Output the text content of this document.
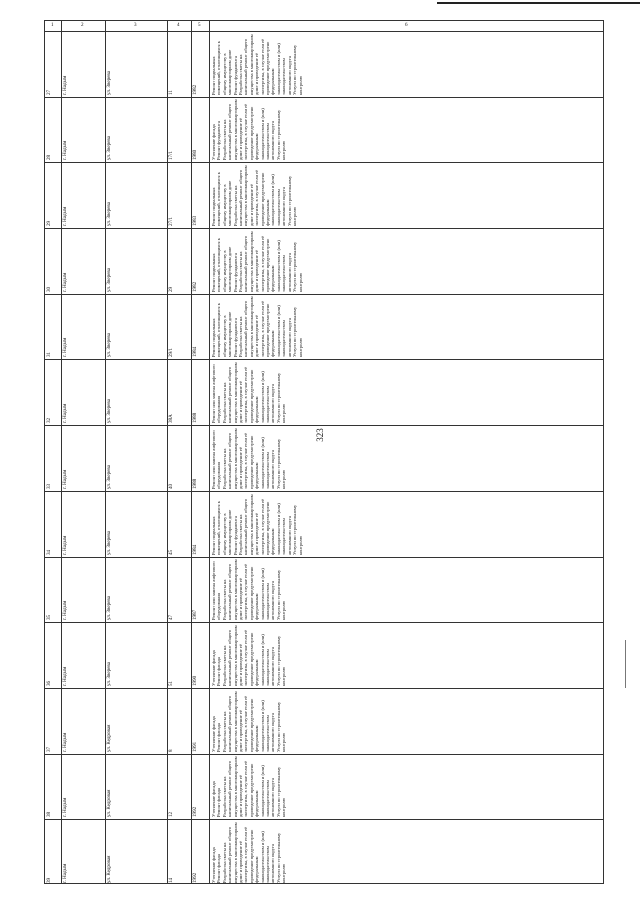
323
1	2	3	4	5	6
27 г. Надым	ул. Зверева	11	1982	Ремонт подвальных помещений, относящихся к общему имуществу в многоквартирном доме Ремонт фундамента Разработка сметы на капитальный ремонт общего имущества в многоквартирном доме и проведение её экспертизы, в случае если её проведение предусмотрено федеральным законодательством и (или) законодательством автономного округа Услуги по строительному контролю
28 г. Надым	ул. Зверева	17/1	1980	Утепление фасада Ремонт фундамента Разработка сметы на капитальный ремонт общего имущества в многоквартирном доме и проведение её экспертизы, в случае если её проведение предусмотрено федеральным законодательством и (или) законодательством автономного округа Услуги по строительному контролю
29 г. Надым	ул. Зверева	27/1	1983	Ремонт подвальных помещений, относящихся к общему имуществу в многоквартирном доме Разработка сметы на капитальный ремонт общего имущества в многоквартирном доме и проведение её экспертизы, в случае если её проведение предусмотрено федеральным законодательством и (или) законодательством автономного округа Услуги по строительному контролю
30 г. Надым	ул. Зверева	29	1982	Ремонт подвальных помещений, относящихся к общему имуществу в многоквартирном доме Ремонт фундамента Разработка сметы на капитальный ремонт общего имущества в многоквартирном доме и проведение её экспертизы, в случае если её проведение предусмотрено федеральным законодательством и (или) законодательством автономного округа Услуги по строительному контролю
31 г. Надым	ул. Зверева	29/1	1984	Ремонт подвальных помещений, относящихся к общему имуществу в многоквартирном доме Ремонт фундамента Разработка сметы на капитальный ремонт общего имущества в многоквартирном доме и проведение её экспертизы, в случае если её проведение предусмотрено федеральным законодательством и (или) законодательством автономного округа Услуги по строительному контролю
32 г. Надым	ул. Зверева	38А	1988	Ремонт или замена лифтового оборудования Разработка сметы на капитальный ремонт общего имущества в многоквартирном доме и проведение её экспертизы, в случае если её проведение предусмотрено федеральным законодательством и (или) законодательством автономного округа Услуги по строительному контролю
33 г. Надым	ул. Зверева	40	1988	Ремонт или замена лифтового оборудования Разработка сметы на капитальный ремонт общего имущества в многоквартирном доме и проведение её экспертизы, в случае если её проведение предусмотрено федеральным законодательством и (или) законодательством автономного округа Услуги по строительному контролю
34 г. Надым	ул. Зверева	45	1984	Ремонт подвальных помещений, относящихся к общему имуществу в многоквартирном доме Ремонт фундамента Разработка сметы на капитальный ремонт общего имущества в многоквартирном доме и проведение её экспертизы, в случае если её проведение предусмотрено федеральным законодательством и (или) законодательством автономного округа Услуги по строительному контролю
35 г. Надым	ул. Зверева	47	1987	Ремонт или замена лифтового оборудования Разработка сметы на капитальный ремонт общего имущества в многоквартирном доме и проведение её экспертизы, в случае если её проведение предусмотрено федеральным законодательством и (или) законодательством автономного округа Услуги по строительному контролю
36 г. Надым	ул. Зверева	51	1990	Утепление фасада Ремонт фасада Разработка сметы на капитальный ремонт общего имущества в многоквартирном доме и проведение её экспертизы, в случае если её проведение предусмотрено федеральным законодательством и (или) законодательством автономного округа Услуги по строительному контролю
37 г. Надым	ул. Кедровая	8	1991	Утепление фасада Ремонт фасада Разработка сметы на капитальный ремонт общего имущества в многоквартирном доме и проведение её экспертизы, в случае если её проведение предусмотрено федеральным законодательством и (или) законодательством автономного округа Услуги по строительному контролю
38 г. Надым	ул. Кедровая	12	1992	Утепление фасада Ремонт фасада Разработка сметы на капитальный ремонт общего имущества в многоквартирном доме и проведение её экспертизы, в случае если её проведение предусмотрено федеральным законодательством и (или) законодательством автономного округа Услуги по строительному контролю
39 г. Надым	ул. Кедровая	14	1992	Утепление фасада Ремонт фасада Разработка сметы на капитальный ремонт общего имущества в многоквартирном доме и проведение её экспертизы, в случае если её проведение предусмотрено федеральным законодательством и (или) законодательством автономного округа Услуги по строительному контролю
